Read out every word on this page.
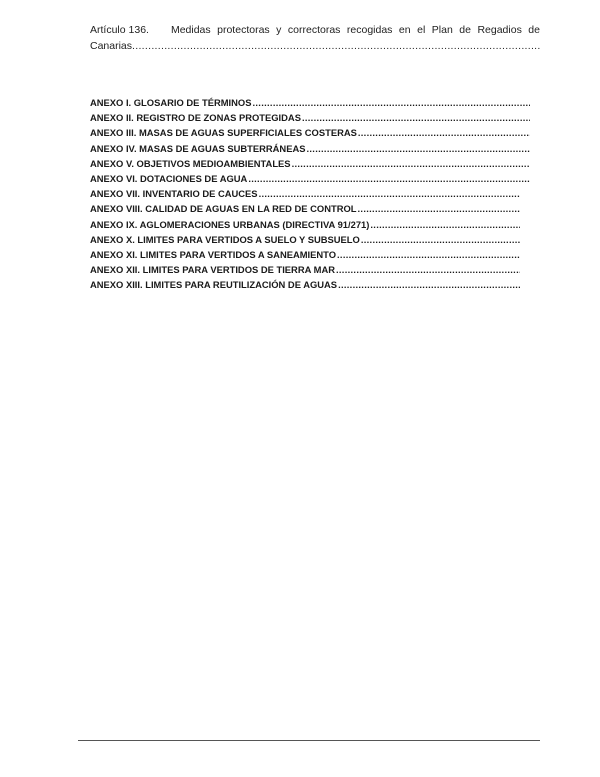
Artículo 136. Medidas protectoras y correctoras recogidas en el Plan de Regadios de
Canarias
.....
ANEXO I. GLOSARIO DE TÉRMINOS
.....
ANEXO II. REGISTRO DE ZONAS PROTEGIDAS
.....
ANEXO III. MASAS DE AGUAS SUPERFICIALES COSTERAS
.....
ANEXO IV. MASAS DE AGUAS SUBTERRÁNEAS
.....
ANEXO V. OBJETIVOS MEDIOAMBIENTALES
.....
ANEXO VI. DOTACIONES DE AGUA
.....
ANEXO VII. INVENTARIO DE CAUCES
.....
ANEXO VIII. CALIDAD DE AGUAS EN LA RED DE CONTROL
.....
ANEXO IX. AGLOMERACIONES URBANAS (DIRECTIVA 91/271)
.....
ANEXO X. LIMITES PARA VERTIDOS A SUELO Y SUBSUELO
.....
ANEXO XI. LIMITES PARA VERTIDOS A SANEAMIENTO
.....
ANEXO XII. LIMITES PARA VERTIDOS DE TIERRA MAR
.....
ANEXO XIII. LIMITES PARA REUTILIZACIÓN DE AGUAS
.....
